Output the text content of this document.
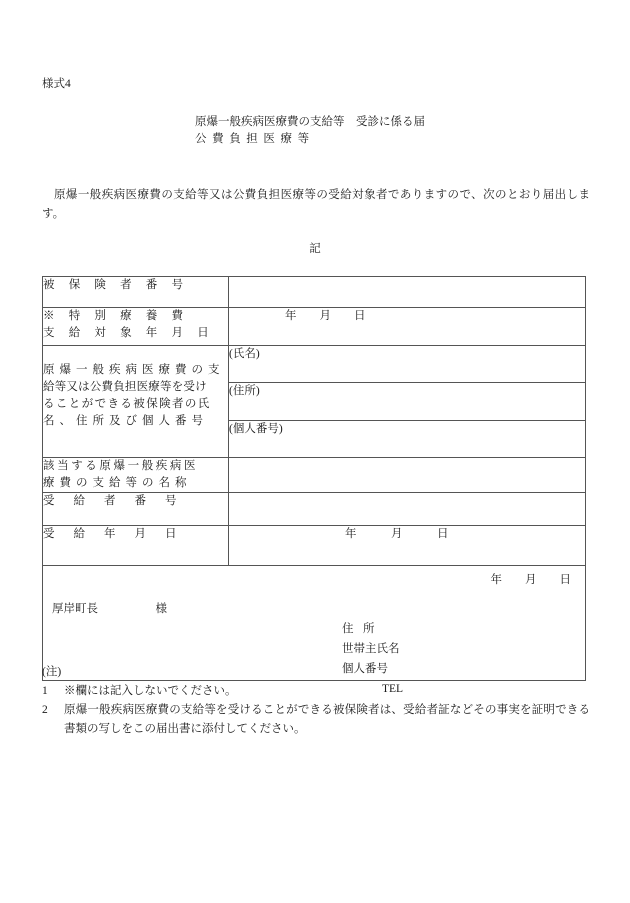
様式4
原爆一般疾病医療費の支給等　受診に係る届
公費負担医療等
原爆一般疾病医療費の支給等又は公費負担医療等の受給対象者でありますので、次のとおり届出します。
記
被保険者番号	

※特別療養費
支給対象年月日	年　　月　　日

原爆一般疾病医療費の支
給等又は公費負担医療等を受け
ることができる被保険者の氏
名、住所及び個人番号	(氏名)

	(住所)

	(個人番号)

該当する原爆一般疾病医
療費の支給等の名称	

受給者番号	

受給年月日	年　　　月　　　日

年　　月　　日
厚岸町長　　　　　様
住所
世帯主氏名
個人番号
TEL
(注)
1	※欄には記入しないでください。
2	原爆一般疾病医療費の支給等を受けることができる被保険者は、受給者証などその事実を証明できる書類の写しをこの届出書に添付してください。
